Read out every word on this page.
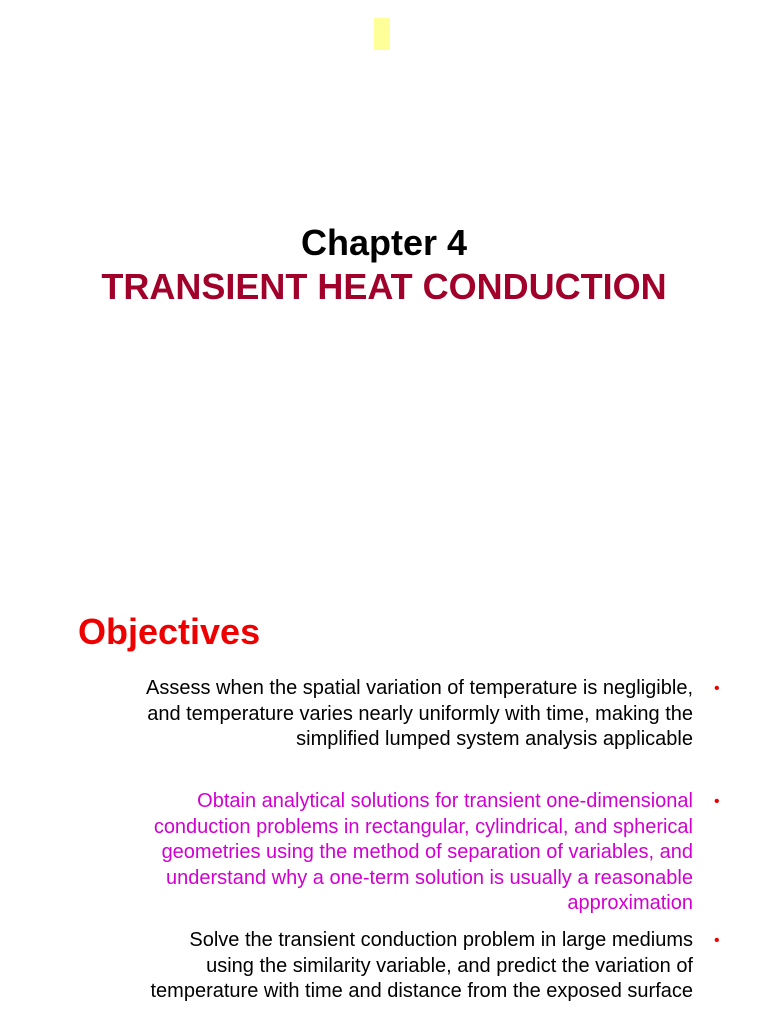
Chapter 4
TRANSIENT HEAT CONDUCTION
Objectives
Assess when the spatial variation of temperature is negligible, and temperature varies nearly uniformly with time, making the simplified lumped system analysis applicable
•
Obtain analytical solutions for transient one-dimensional conduction problems in rectangular, cylindrical, and spherical geometries using the method of separation of variables, and understand why a one-term solution is usually a reasonable approximation
•
Solve the transient conduction problem in large mediums using the similarity variable, and predict the variation of temperature with time and distance from the exposed surface
•
